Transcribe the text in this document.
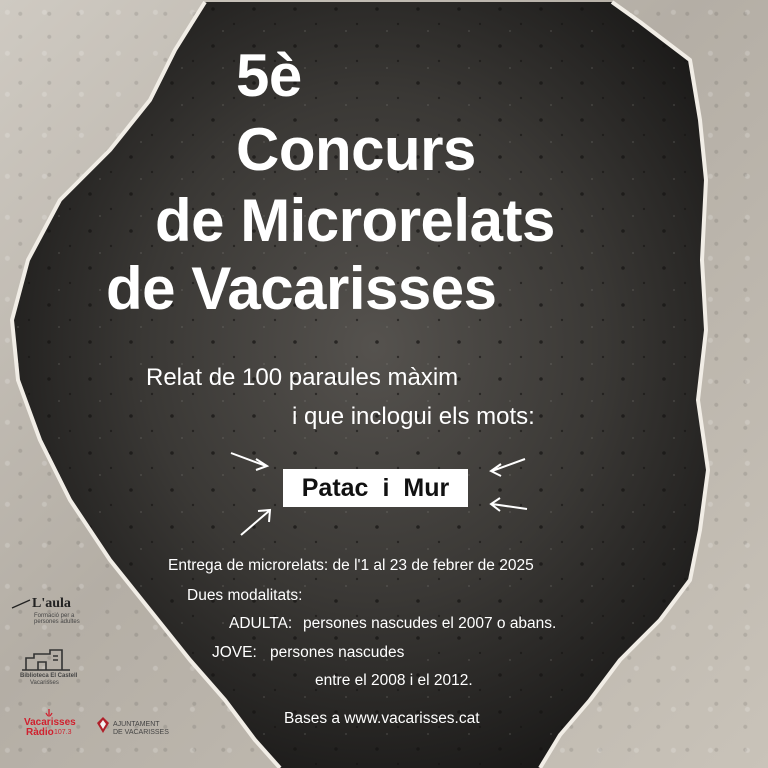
5è

Concurs

de Microrelats

de Vacarisses

Relat de 100 paraules màxim

i que inclogui els mots:

Patac i Mur

Entrega de microrelats: de l'1 al 23 de febrer de 2025

Dues modalitats:

ADULTA: persones nascudes el 2007 o abans.

JOVE: persones nascudes

entre el 2008 i el 2012.

Bases a www.vacarisses.cat

L'aula
Formació per a
persones adultes
Biblioteca El Castell
Vacarisses
Vacarisses
Ràdio 107.3
AJUNTAMENT
DE VACARISSES
